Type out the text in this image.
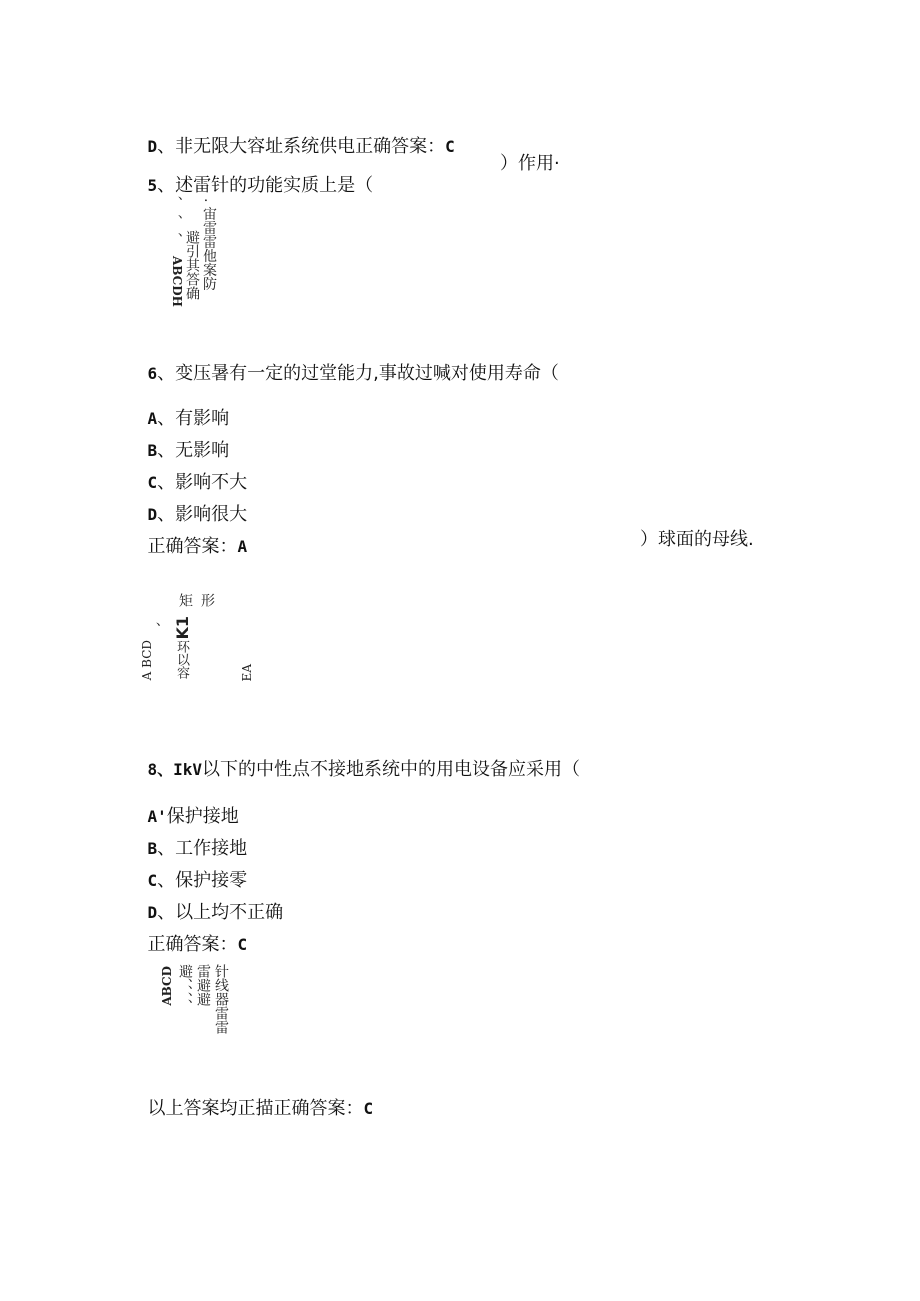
D、非无限大容址系统供电正确答案：C

5、述雷针的功能实质上是（

）作用·
、 、 、
ABCDH 避引其答确 . 宙雷雷他案防

6、变压暑有一定的过堂能力,事故过喊对使用寿命（

A、有影响

B、无影响

C、影响不大

D、影响很大

正确答案：A	）球面的母线.
A BCD
、
矩
K1
环以容
形
EA

8、IkV以下的中性点不接地系统中的用电设备应采用（

A'保护接地

B、工作接地

C、保护接零

D、以上均不正确

正确答案：C

ABCD 避、、、、 雷避避 针线器雷雷

以上答案均正描正确答案：C
